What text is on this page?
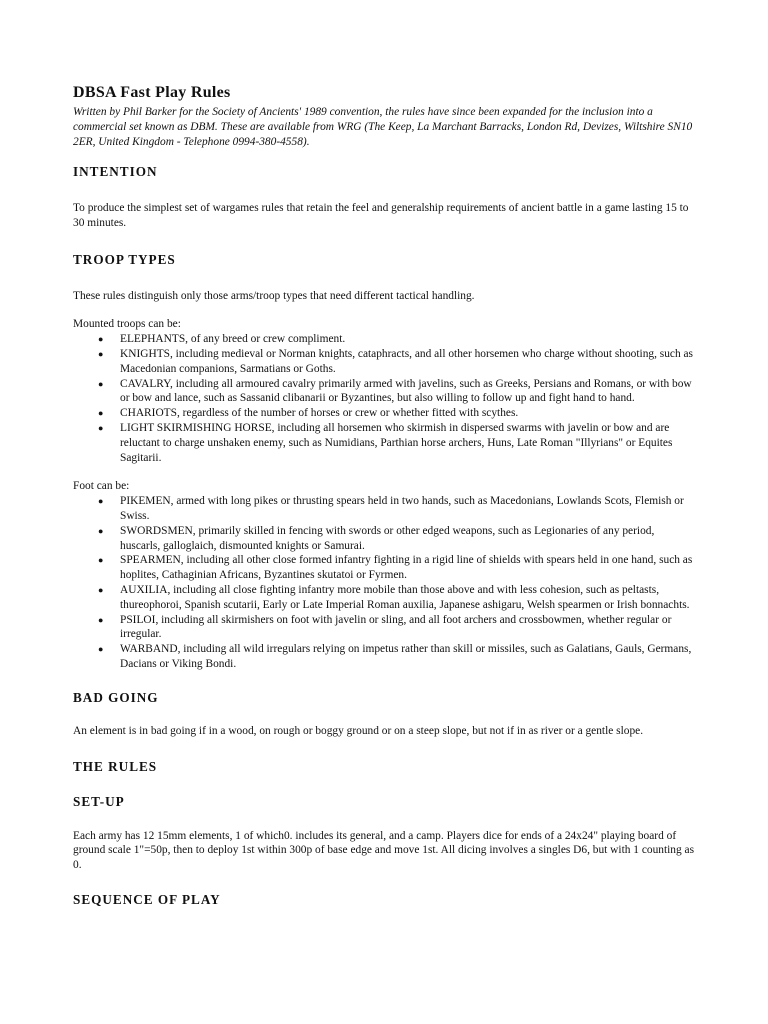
DBSA Fast Play Rules

Written by Phil Barker for the Society of Ancients' 1989 convention, the rules have since been expanded for the inclusion into a commercial set known as DBM. These are available from WRG (The Keep, La Marchant Barracks, London Rd, Devizes, Wiltshire SN10 2ER, United Kingdom - Telephone 0994-380-4558).

INTENTION

To produce the simplest set of wargames rules that retain the feel and generalship requirements of ancient battle in a game lasting 15 to 30 minutes.

TROOP TYPES

These rules distinguish only those arms/troop types that need different tactical handling.

Mounted troops can be:

● ELEPHANTS, of any breed or crew compliment.
● KNIGHTS, including medieval or Norman knights, cataphracts, and all other horsemen who charge without shooting, such as Macedonian companions, Sarmatians or Goths.
● CAVALRY, including all armoured cavalry primarily armed with javelins, such as Greeks, Persians and Romans, or with bow or bow and lance, such as Sassanid clibanarii or Byzantines, but also willing to follow up and fight hand to hand.
● CHARIOTS, regardless of the number of horses or crew or whether fitted with scythes.
● LIGHT SKIRMISHING HORSE, including all horsemen who skirmish in dispersed swarms with javelin or bow and are reluctant to charge unshaken enemy, such as Numidians, Parthian horse archers, Huns, Late Roman "Illyrians" or Equites Sagitarii.

Foot can be:

● PIKEMEN, armed with long pikes or thrusting spears held in two hands, such as Macedonians, Lowlands Scots, Flemish or Swiss.
● SWORDSMEN, primarily skilled in fencing with swords or other edged weapons, such as Legionaries of any period, huscarls, galloglaich, dismounted knights or Samurai.
● SPEARMEN, including all other close formed infantry fighting in a rigid line of shields with spears held in one hand, such as hoplites, Cathaginian Africans, Byzantines skutatoi or Fyrmen.
● AUXILIA, including all close fighting infantry more mobile than those above and with less cohesion, such as peltasts, thureophoroi, Spanish scutarii, Early or Late Imperial Roman auxilia, Japanese ashigaru, Welsh spearmen or Irish bonnachts.
● PSILOI, including all skirmishers on foot with javelin or sling, and all foot archers and crossbowmen, whether regular or irregular.
● WARBAND, including all wild irregulars relying on impetus rather than skill or missiles, such as Galatians, Gauls, Germans, Dacians or Viking Bondi.
BAD GOING

An element is in bad going if in a wood, on rough or boggy ground or on a steep slope, but not if in as river or a gentle slope.

THE RULES
SET-UP

Each army has 12 15mm elements, 1 of which0. includes its general, and a camp. Players dice for ends of a 24x24" playing board of ground scale 1"=50p, then to deploy 1st within 300p of base edge and move 1st. All dicing involves a singles D6, but with 1 counting as 0.

SEQUENCE OF PLAY
